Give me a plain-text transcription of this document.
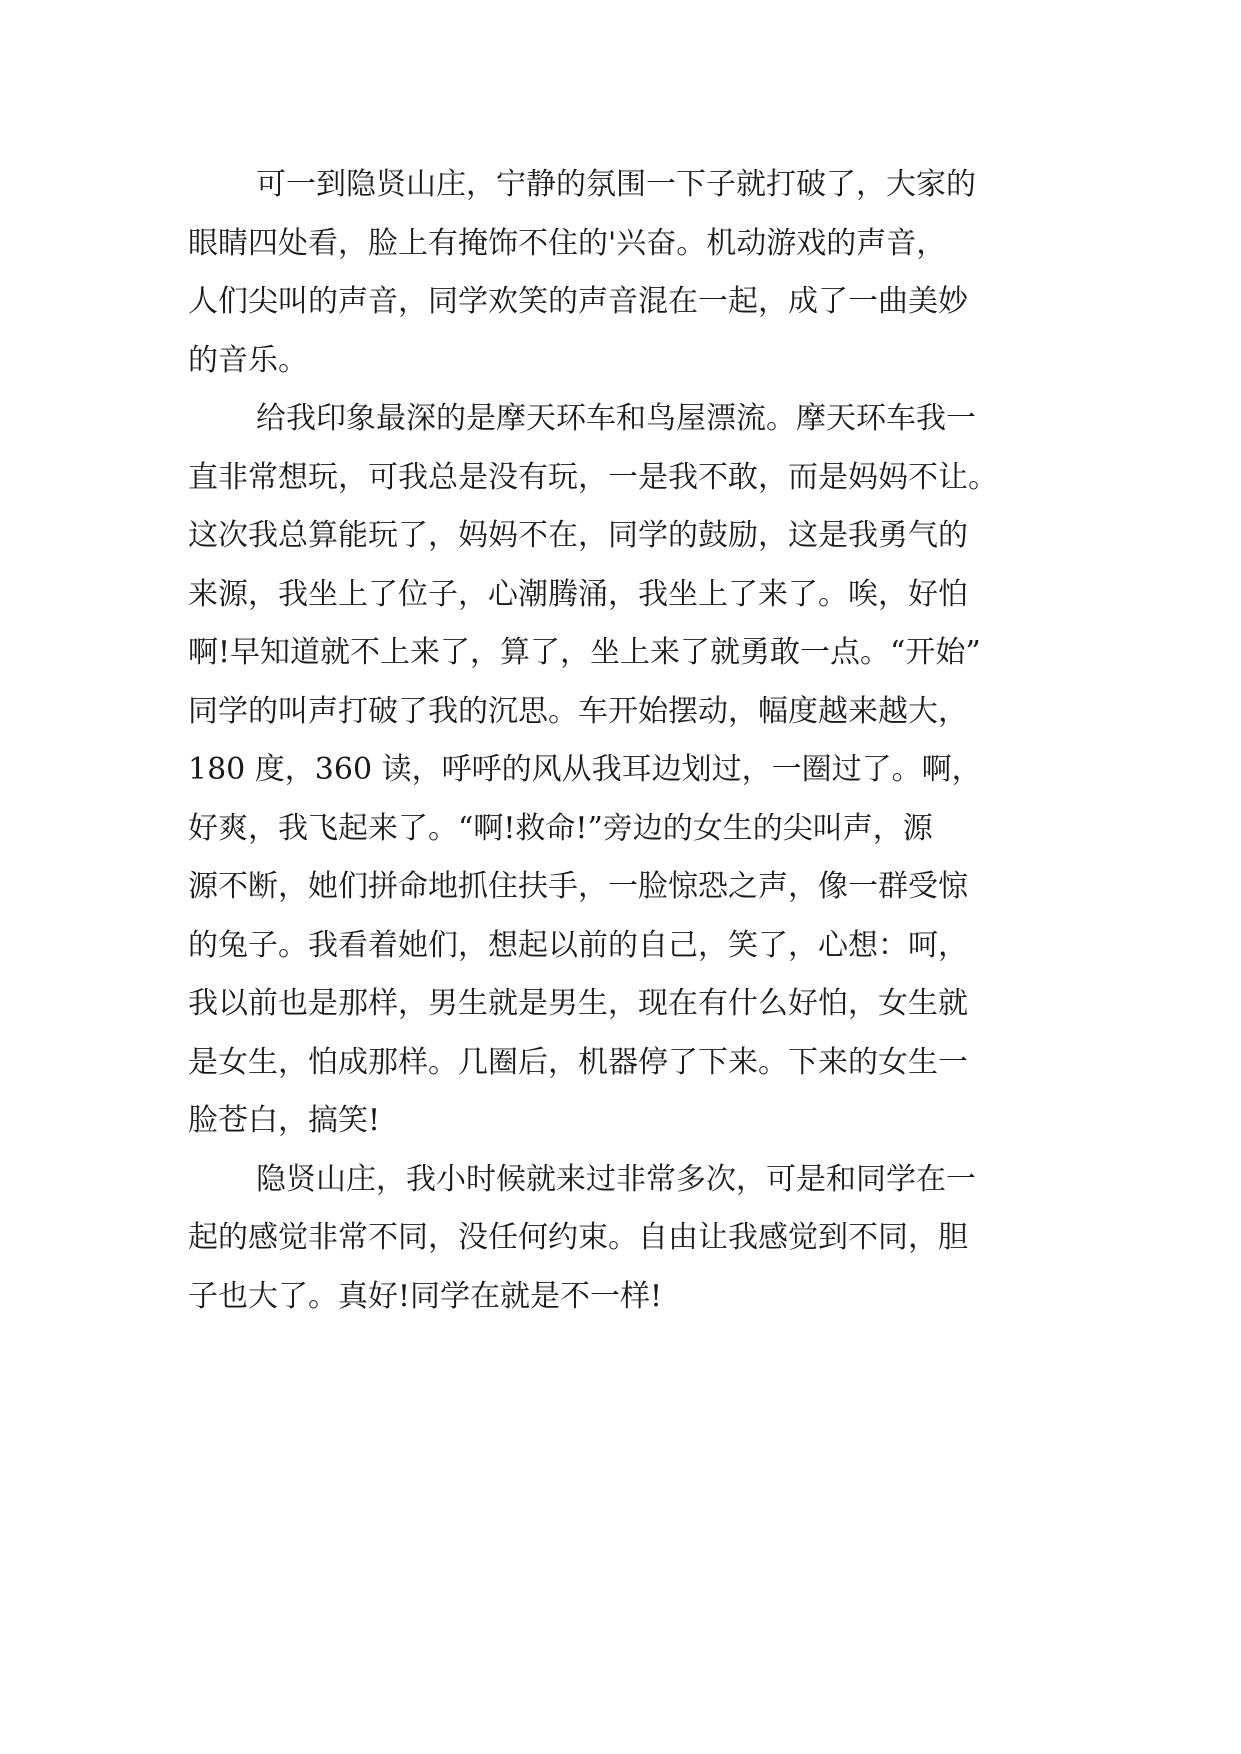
可一到隐贤山庄，宁静的氛围一下子就打破了，大家的
眼睛四处看，脸上有掩饰不住的'兴奋。机动游戏的声音，
人们尖叫的声音，同学欢笑的声音混在一起，成了一曲美妙
的音乐。
给我印象最深的是摩天环车和鸟屋漂流。摩天环车我一
直非常想玩，可我总是没有玩，一是我不敢，而是妈妈不让。
这次我总算能玩了，妈妈不在，同学的鼓励，这是我勇气的
来源，我坐上了位子，心潮腾涌，我坐上了来了。唉，好怕
啊!早知道就不上来了，算了，坐上来了就勇敢一点。“开始”
同学的叫声打破了我的沉思。车开始摆动，幅度越来越大，
180 度，360 读，呼呼的风从我耳边划过，一圈过了。啊，
好爽，我飞起来了。“啊!救命!”旁边的女生的尖叫声，源
源不断，她们拼命地抓住扶手，一脸惊恐之声，像一群受惊
的兔子。我看着她们，想起以前的自己，笑了，心想：呵，
我以前也是那样，男生就是男生，现在有什么好怕，女生就
是女生，怕成那样。几圈后，机器停了下来。下来的女生一
脸苍白，搞笑!
隐贤山庄，我小时候就来过非常多次，可是和同学在一
起的感觉非常不同，没任何约束。自由让我感觉到不同，胆
子也大了。真好!同学在就是不一样!
